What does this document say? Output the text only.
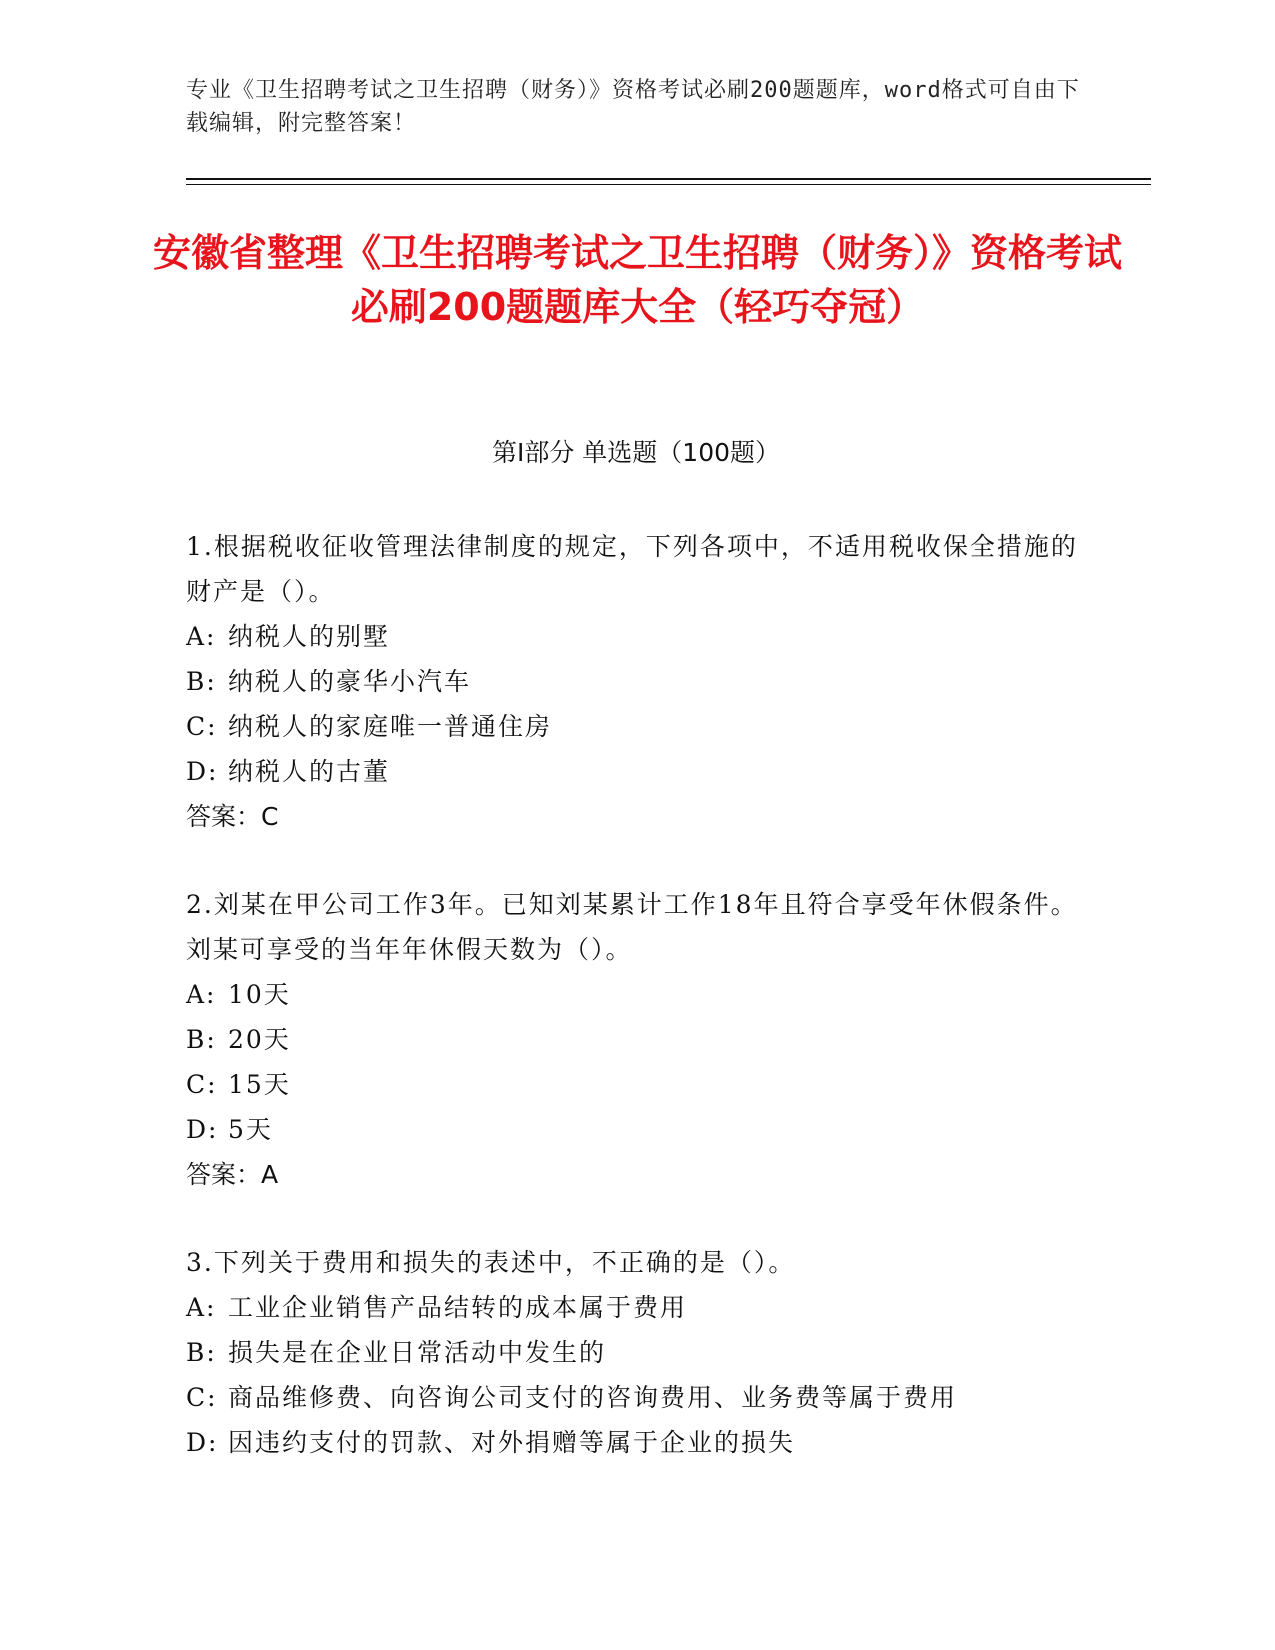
专业《卫生招聘考试之卫生招聘（财务）》资格考试必刷200题题库，word格式可自由下载编辑，附完整答案！
安徽省整理《卫生招聘考试之卫生招聘（财务）》资格考试必刷200题题库大全（轻巧夺冠）
第I部分 单选题（100题）

1.根据税收征收管理法律制度的规定，下列各项中，不适用税收保全措施的财产是（）。

A: 纳税人的别墅

B: 纳税人的豪华小汽车

C: 纳税人的家庭唯一普通住房

D: 纳税人的古董

答案：C

2.刘某在甲公司工作3年。已知刘某累计工作18年且符合享受年休假条件。刘某可享受的当年年休假天数为（）。

A: 10天

B: 20天

C: 15天

D: 5天

答案：A

3.下列关于费用和损失的表述中，不正确的是（）。

A: 工业企业销售产品结转的成本属于费用

B: 损失是在企业日常活动中发生的

C: 商品维修费、向咨询公司支付的咨询费用、业务费等属于费用

D: 因违约支付的罚款、对外捐赠等属于企业的损失
